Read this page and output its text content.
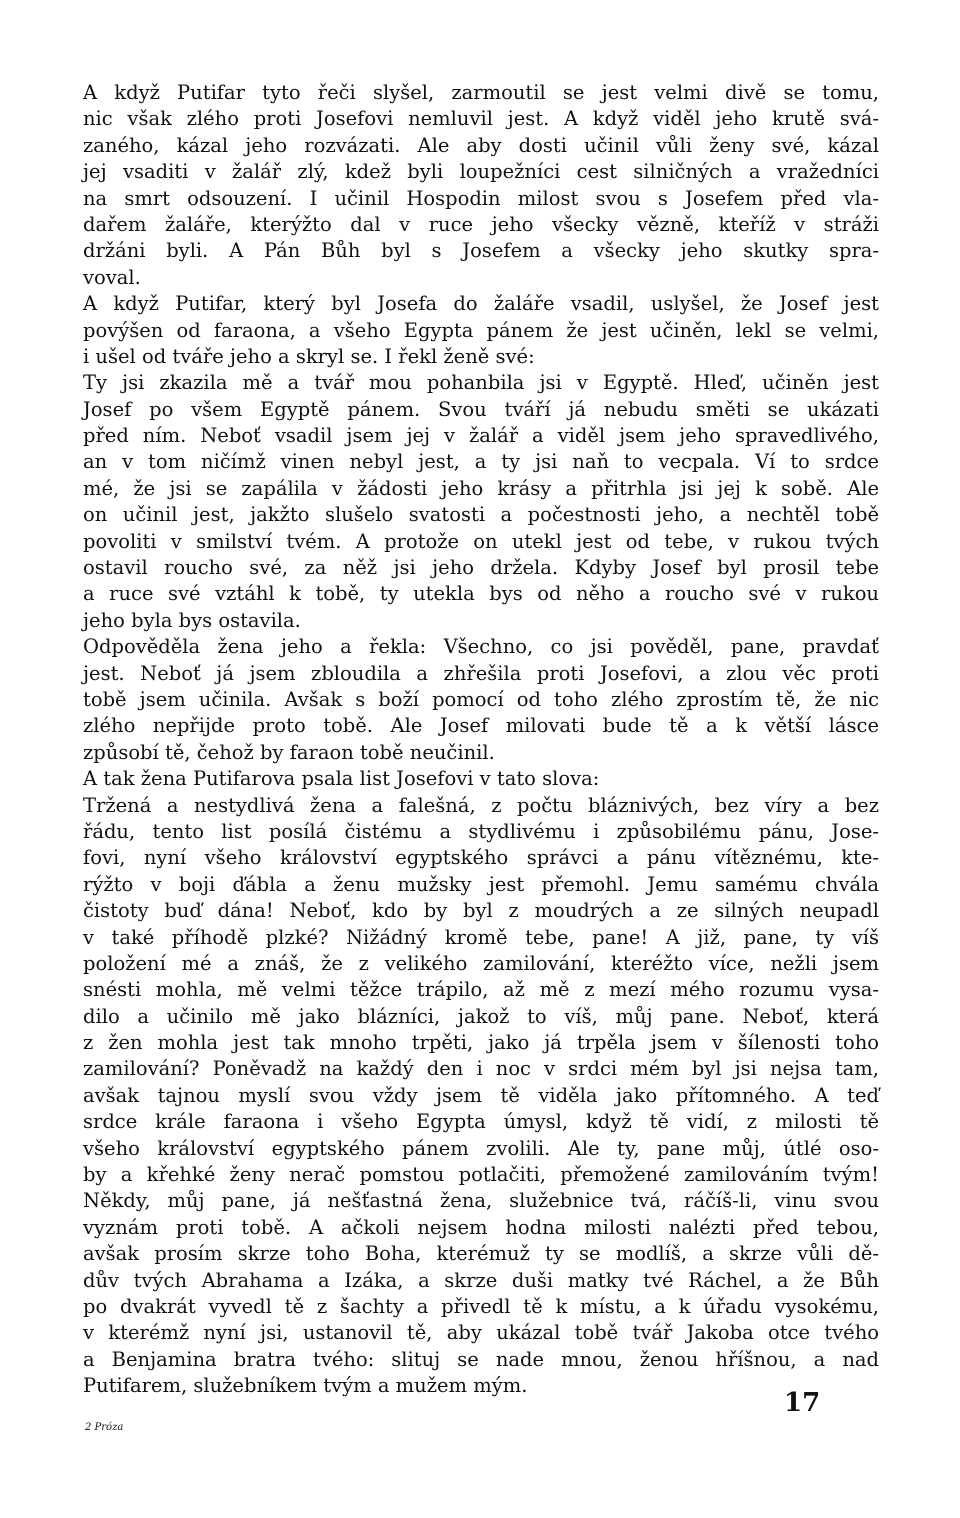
A když Putifar tyto řeči slyšel, zarmoutil se jest velmi divě se tomu,
nic však zlého proti Josefovi nemluvil jest. A když viděl jeho krutě svá-
zaného, kázal jeho rozvázati. Ale aby dosti učinil vůli ženy své, kázal
jej vsaditi v žalář zlý, kdež byli loupežníci cest silničných a vražedníci
na smrt odsouzení. I učinil Hospodin milost svou s Josefem před vla-
dařem žaláře, kterýžto dal v ruce jeho všecky vězně, kteříž v stráži
držáni byli. A Pán Bůh byl s Josefem a všecky jeho skutky spra-
voval.
A když Putifar, který byl Josefa do žaláře vsadil, uslyšel, že Josef jest
povýšen od faraona, a všeho Egypta pánem že jest učiněn, lekl se velmi,
i ušel od tváře jeho a skryl se. I řekl ženě své:
Ty jsi zkazila mě a tvář mou pohanbila jsi v Egyptě. Hleď, učiněn jest
Josef po všem Egyptě pánem. Svou tváří já nebudu směti se ukázati
před ním. Neboť vsadil jsem jej v žalář a viděl jsem jeho spravedlivého,
an v tom ničímž vinen nebyl jest, a ty jsi naň to vecpala. Ví to srdce
mé, že jsi se zapálila v žádosti jeho krásy a přitrhla jsi jej k sobě. Ale
on učinil jest, jakžto slušelo svatosti a počestnosti jeho, a nechtěl tobě
povoliti v smilství tvém. A protože on utekl jest od tebe, v rukou tvých
ostavil roucho své, za něž jsi jeho držela. Kdyby Josef byl prosil tebe
a ruce své vztáhl k tobě, ty utekla bys od něho a roucho své v rukou
jeho byla bys ostavila.
Odpověděla žena jeho a řekla: Všechno, co jsi pověděl, pane, pravdať
jest. Neboť já jsem zbloudila a zhřešila proti Josefovi, a zlou věc proti
tobě jsem učinila. Avšak s boží pomocí od toho zlého zprostím tě, že nic
zlého nepřijde proto tobě. Ale Josef milovati bude tě a k větší lásce
způsobí tě, čehož by faraon tobě neučinil.
A tak žena Putifarova psala list Josefovi v tato slova:
Tržená a nestydlivá žena a falešná, z počtu bláznivých, bez víry a bez
řádu, tento list posílá čistému a stydlivému i způsobilému pánu, Jose-
fovi, nyní všeho království egyptského správci a pánu vítěznému, kte-
rýžto v boji ďábla a ženu mužsky jest přemohl. Jemu samému chvála
čistoty buď dána! Neboť, kdo by byl z moudrých a ze silných neupadl
v také příhodě plzké? Nižádný kromě tebe, pane! A již, pane, ty víš
položení mé a znáš, že z velikého zamilování, kteréžto více, nežli jsem
snésti mohla, mě velmi těžce trápilo, až mě z mezí mého rozumu vysa-
dilo a učinilo mě jako blázníci, jakož to víš, můj pane. Neboť, která
z žen mohla jest tak mnoho trpěti, jako já trpěla jsem v šílenosti toho
zamilování? Poněvadž na každý den i noc v srdci mém byl jsi nejsa tam,
avšak tajnou myslí svou vždy jsem tě viděla jako přítomného. A teď
srdce krále faraona i všeho Egypta úmysl, když tě vidí, z milosti tě
všeho království egyptského pánem zvolili. Ale ty, pane můj, útlé oso-
by a křehké ženy nerač pomstou potlačiti, přemožené zamilováním tvým!
Někdy, můj pane, já nešťastná žena, služebnice tvá, ráčíš-li, vinu svou
vyznám proti tobě. A ačkoli nejsem hodna milosti nalézti před tebou,
avšak prosím skrze toho Boha, kterémuž ty se modlíš, a skrze vůli dě-
dův tvých Abrahama a Izáka, a skrze duši matky tvé Ráchel, a že Bůh
po dvakrát vyvedl tě z šachty a přivedl tě k místu, a k úřadu vysokému,
v kterémž nyní jsi, ustanovil tě, aby ukázal tobě tvář Jakoba otce tvého
a Benjamina bratra tvého: slituj se nade mnou, ženou hříšnou, a nad
Putifarem, služebníkem tvým a mužem mým.
17
2 Próza
